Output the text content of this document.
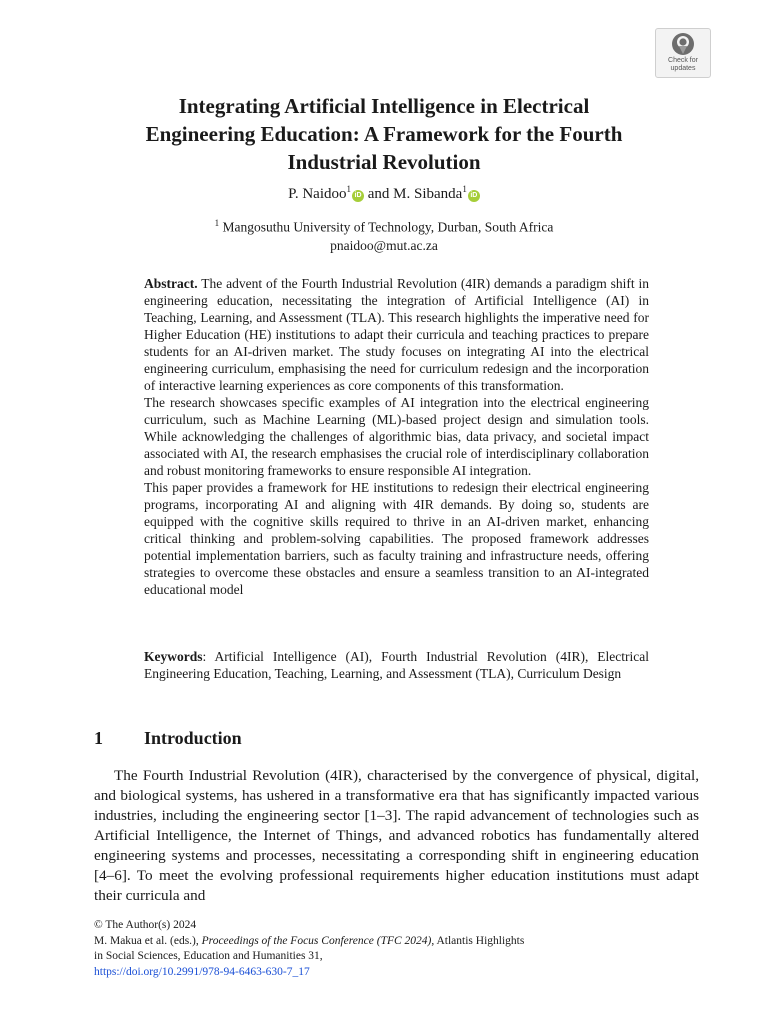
Check for
updates
Integrating Artificial Intelligence in Electrical
Engineering Education: A Framework for the Fourth
Industrial Revolution
P. Naidoo$^1$iD and M. Sibanda$^1$iD
$^1$ Mangosuthu University of Technology, Durban, South Africa
pnaidoo@mut.ac.za

Abstract. The advent of the Fourth Industrial Revolution (4IR) demands a paradigm shift in engineering education, necessitating the integration of Artificial Intelligence (AI) in Teaching, Learning, and Assessment (TLA). This research highlights the imperative need for Higher Education (HE) institutions to adapt their curricula and teaching practices to prepare students for an AI-driven market. The study focuses on integrating AI into the electrical engineering curriculum, emphasising the need for curriculum redesign and the incorporation of interactive learning experiences as core components of this transformation.

The research showcases specific examples of AI integration into the electrical engineering curriculum, such as Machine Learning (ML)-based project design and simulation tools. While acknowledging the challenges of algorithmic bias, data privacy, and societal impact associated with AI, the research emphasises the crucial role of interdisciplinary collaboration and robust monitoring frameworks to ensure responsible AI integration.

This paper provides a framework for HE institutions to redesign their electrical engineering programs, incorporating AI and aligning with 4IR demands. By doing so, students are equipped with the cognitive skills required to thrive in an AI-driven market, enhancing critical thinking and problem-solving capabilities. The proposed framework addresses potential implementation barriers, such as faculty training and infrastructure needs, offering strategies to overcome these obstacles and ensure a seamless transition to an AI-integrated educational model

Keywords: Artificial Intelligence (AI), Fourth Industrial Revolution (4IR), Electrical Engineering Education, Teaching, Learning, and Assessment (TLA), Curriculum Design

1 Introduction

The Fourth Industrial Revolution (4IR), characterised by the convergence of physical, digital, and biological systems, has ushered in a transformative era that has significantly impacted various industries, including the engineering sector [1–3]. The rapid advancement of technologies such as Artificial Intelligence, the Internet of Things, and advanced robotics has fundamentally altered engineering systems and processes, necessitating a corresponding shift in engineering education [4–6]. To meet the evolving professional requirements higher education institutions must adapt their curricula and

© The Author(s) 2024
M. Makua et al. (eds.), Proceedings of the Focus Conference (TFC 2024), Atlantis Highlights
in Social Sciences, Education and Humanities 31,
https://doi.org/10.2991/978-94-6463-630-7_17
